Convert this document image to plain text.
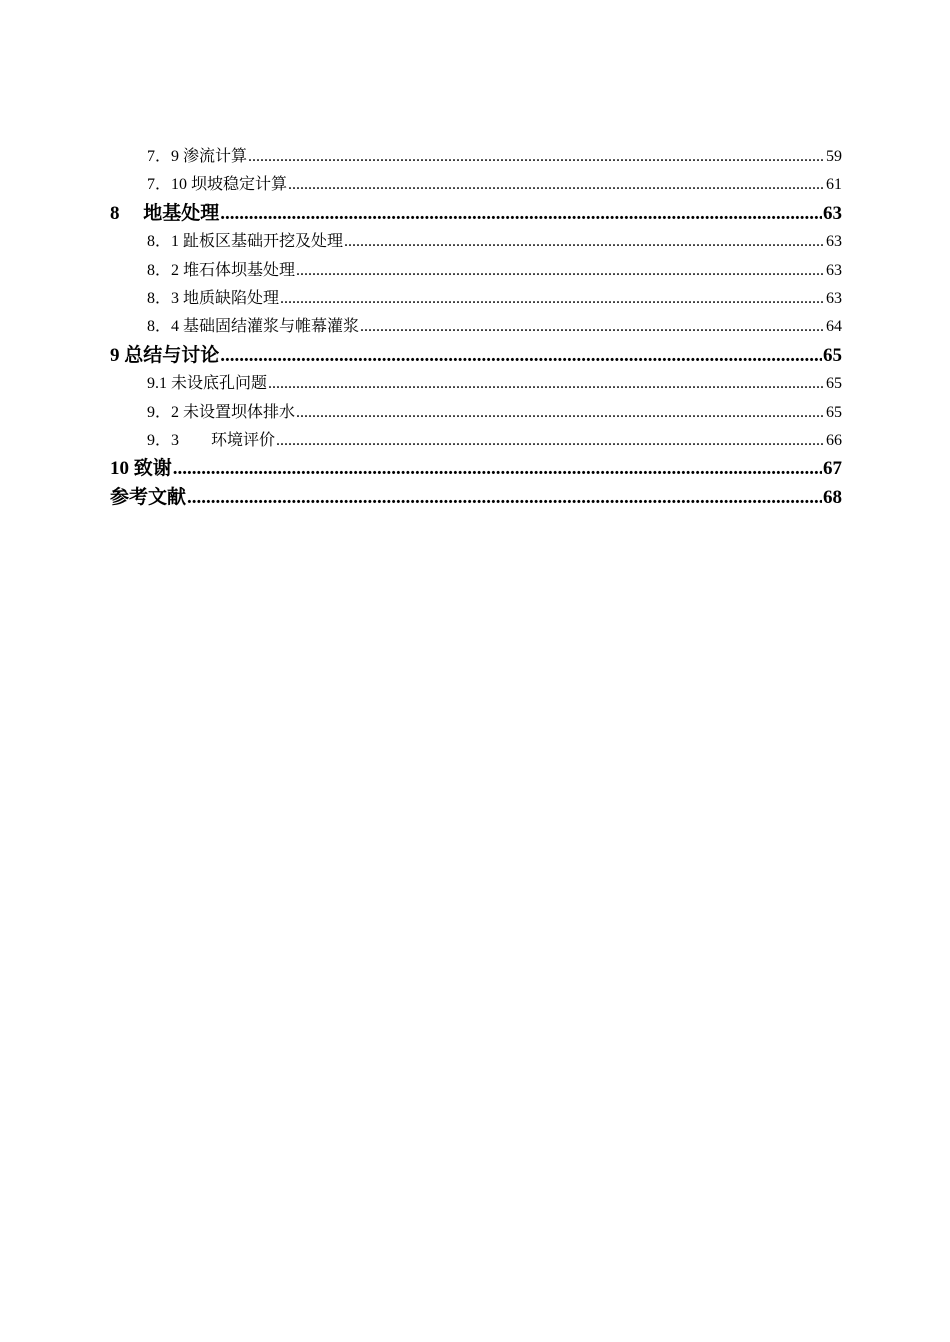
7．9 渗流计算 .....	59
7．10 坝坡稳定计算 .....	61
8　 地基处理 .....	63
8．1 趾板区基础开挖及处理 .....	63
8．2 堆石体坝基处理 .....	63
8．3 地质缺陷处理 .....	63
8．4 基础固结灌浆与帷幕灌浆 .....	64
9 总结与讨论 .....	65
9.1 未设底孔问题 .....	65
9．2 未设置坝体排水 .....	65
9．3　　环境评价 .....	66
10 致谢 .....	67
参考文献 .....	68
